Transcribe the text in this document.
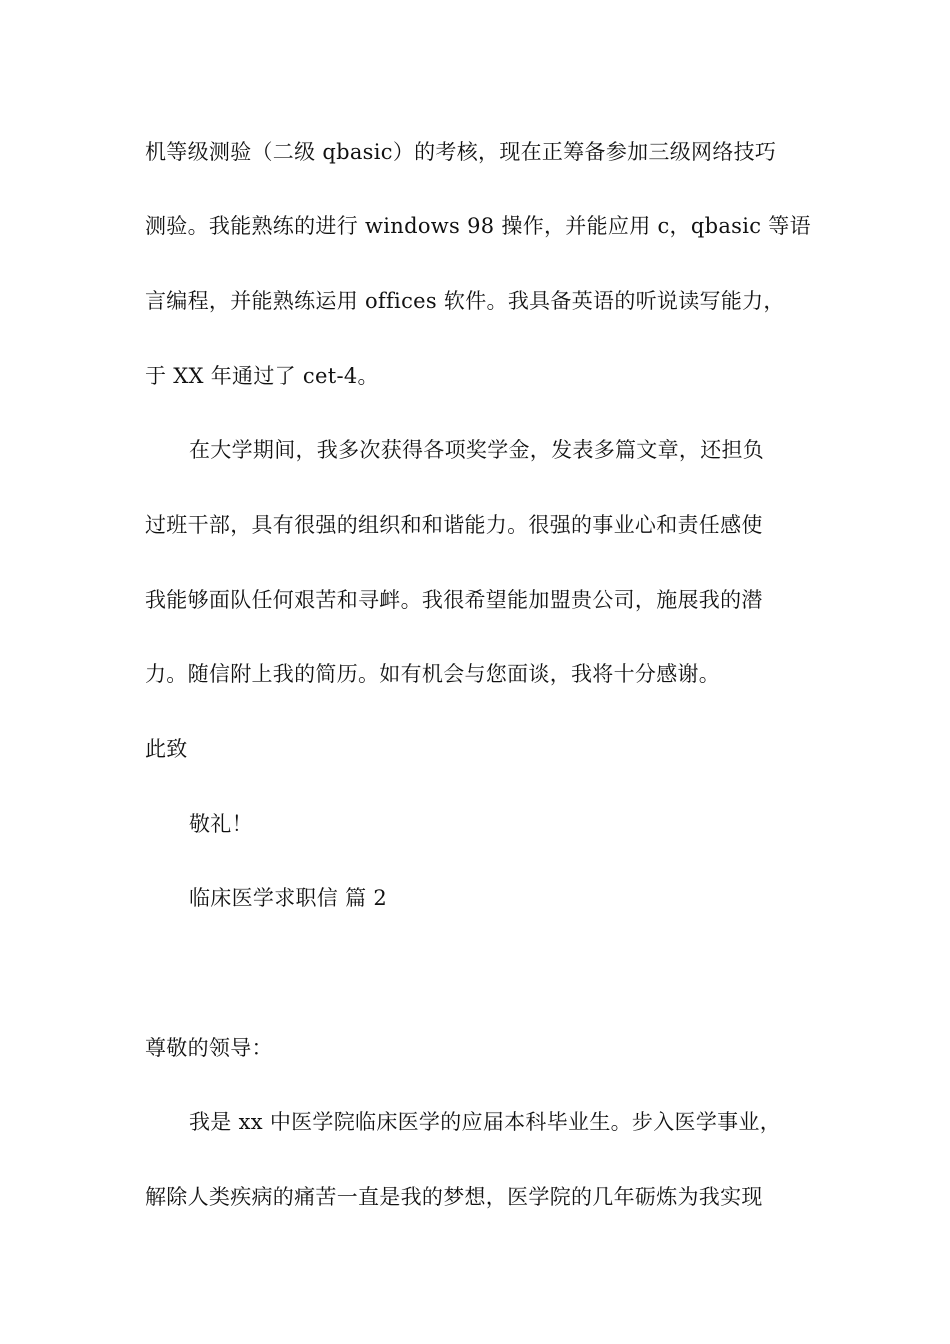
机等级测验（二级 qbasic）的考核，现在正筹备参加三级网络技巧
测验。我能熟练的进行 windows 98 操作，并能应用 c，qbasic 等语
言编程，并能熟练运用 offices 软件。我具备英语的听说读写能力，
于 XX 年通过了 cet-4。
在大学期间，我多次获得各项奖学金，发表多篇文章，还担负
过班干部，具有很强的组织和和谐能力。很强的事业心和责任感使
我能够面队任何艰苦和寻衅。我很希望能加盟贵公司，施展我的潜
力。随信附上我的简历。如有机会与您面谈，我将十分感谢。
此致
敬礼！
临床医学求职信 篇 2
尊敬的领导：
我是 xx 中医学院临床医学的应届本科毕业生。步入医学事业，
解除人类疾病的痛苦一直是我的梦想，医学院的几年砺炼为我实现
